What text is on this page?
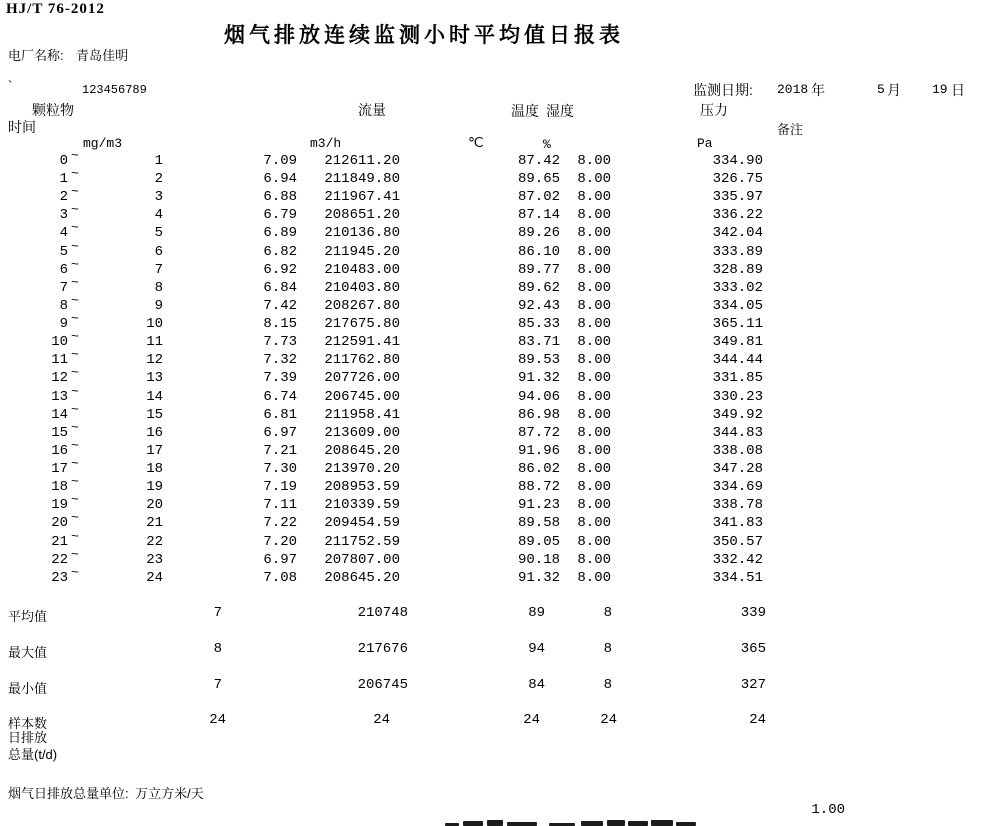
HJ/T 76-2012
烟气排放连续监测小时平均值日报表
电厂名称: 青岛佳明
`	123456789	监测日期: 2018 年	5 月 19 日
颗粒物	流量	温度 湿度	压力
时间	备注
mg/m3	m3/h	℃	%	Pa
0 ~	1	7.09	212611.20	87.42	8.00	334.90
1 ~	2	6.94	211849.80	89.65	8.00	326.75
2 ~	3	6.88	211967.41	87.02	8.00	335.97
3 ~	4	6.79	208651.20	87.14	8.00	336.22
4 ~	5	6.89	210136.80	89.26	8.00	342.04
5 ~	6	6.82	211945.20	86.10	8.00	333.89
6 ~	7	6.92	210483.00	89.77	8.00	328.89
7 ~	8	6.84	210403.80	89.62	8.00	333.02
8 ~	9	7.42	208267.80	92.43	8.00	334.05
9 ~	10	8.15	217675.80	85.33	8.00	365.11
10 ~	11	7.73	212591.41	83.71	8.00	349.81
11 ~	12	7.32	211762.80	89.53	8.00	344.44
12 ~	13	7.39	207726.00	91.32	8.00	331.85
13 ~	14	6.74	206745.00	94.06	8.00	330.23
14 ~	15	6.81	211958.41	86.98	8.00	349.92
15 ~	16	6.97	213609.00	87.72	8.00	344.83
16 ~	17	7.21	208645.20	91.96	8.00	338.08
17 ~	18	7.30	213970.20	86.02	8.00	347.28
18 ~	19	7.19	208953.59	88.72	8.00	334.69
19 ~	20	7.11	210339.59	91.23	8.00	338.78
20 ~	21	7.22	209454.59	89.58	8.00	341.83
21 ~	22	7.20	211752.59	89.05	8.00	350.57
22 ~	23	6.97	207807.00	90.18	8.00	332.42
23 ~	24	7.08	208645.20	91.32	8.00	334.51
平均值	7	210748	89	8	339
最大值	8	217676	94	8	365
最小值	7	206745	84	8	327
样本数	24	24	24	24	24
日排放
总量(t/d)
烟气日排放总量单位: 万立方米/天
1.00
